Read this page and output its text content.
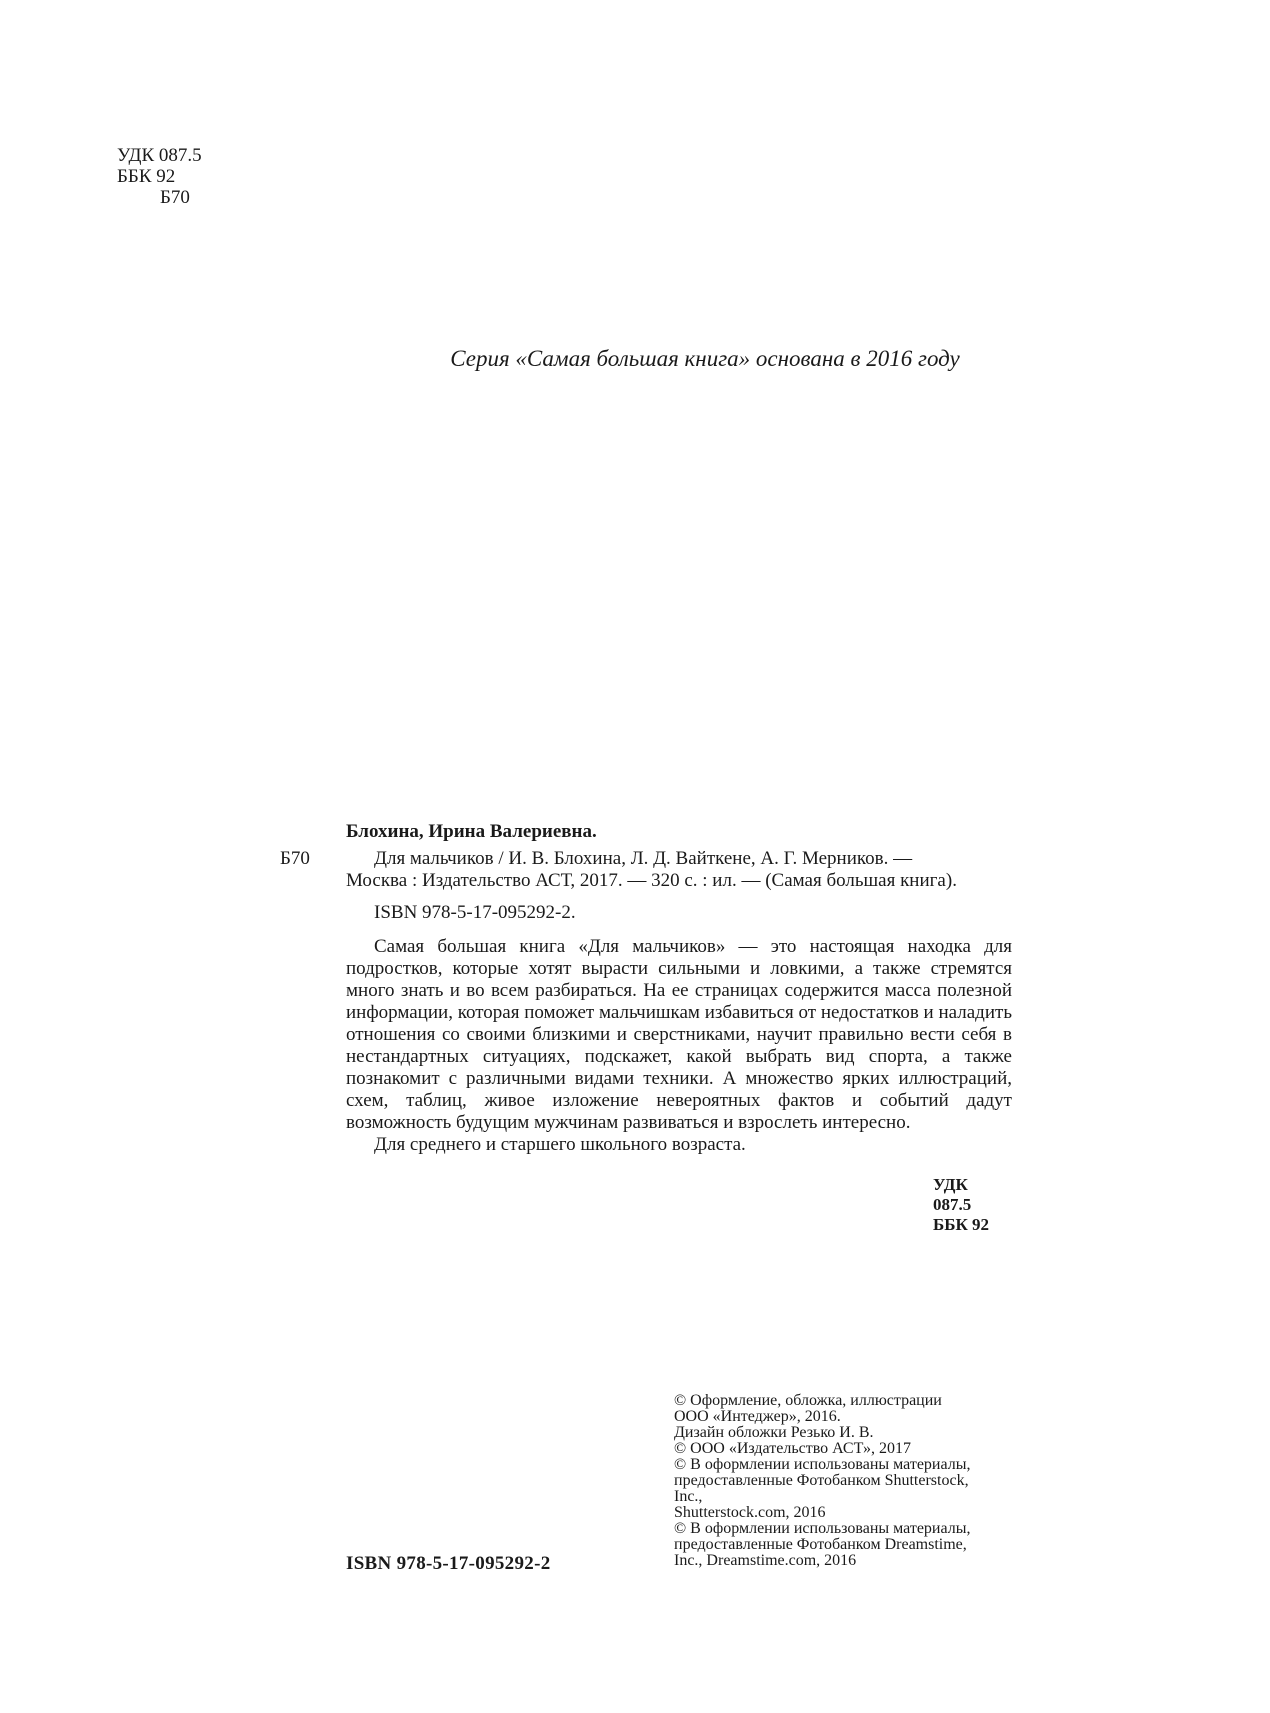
УДК 087.5
ББК 92
Б70
Серия «Самая большая книга» основана в 2016 году
Б70

Блохина, Ирина Валериевна.

Для мальчиков / И. В. Блохина, Л. Д. Вайткене, А. Г. Мерников. —

Москва : Издательство АСТ, 2017. — 320 с. : ил. — (Самая большая книга).

ISBN 978-5-17-095292-2.

Самая большая книга «Для мальчиков» — это настоящая находка для подростков, которые хотят вырасти сильными и ловкими, а также стремятся много знать и во всем разбираться. На ее страницах содержится масса полезной информации, которая поможет мальчишкам избавиться от недостатков и наладить отношения со своими близкими и сверстниками, научит правильно вести себя в нестандартных ситуациях, подскажет, какой выбрать вид спорта, а также познакомит с различными видами техники. А множество ярких иллюстраций, схем, таблиц, живое изложение невероятных фактов и событий дадут возможность будущим мужчинам развиваться и взрослеть интересно.

Для среднего и старшего школьного возраста.

УДК 087.5
ББК 92
© Оформление, обложка, иллюстрации
ООО «Интеджер», 2016.
Дизайн обложки Резько И. В.
© ООО «Издательство АСТ», 2017
© В оформлении использованы материалы,
предоставленные Фотобанком Shutterstock,
Inc.,
Shutterstock.com, 2016
© В оформлении использованы материалы,
предоставленные Фотобанком Dreamstime,
Inc., Dreamstime.com, 2016
ISBN 978-5-17-095292-2
